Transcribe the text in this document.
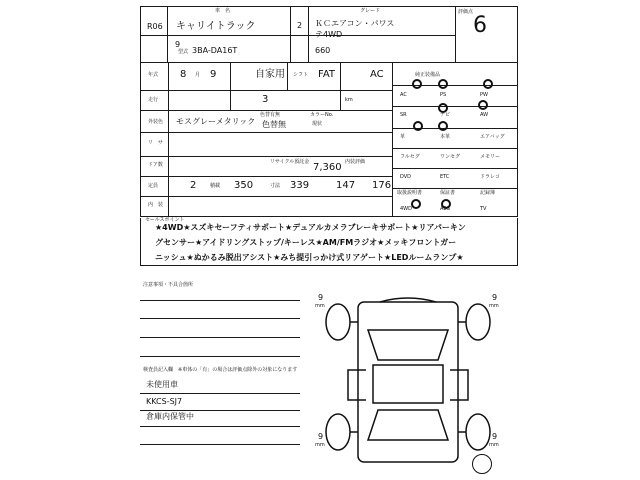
R06
9
車　名
キャリイトラック	2
グレード
ＫＣエアコン・パワス
テ4WD
型式 3BA-DA16T	660
評価点
6
年式 8 月 9	自家用 シフト FAT	AC
走行	3	km
外装色 モスグレーメタリック
色替有無
色替無
カラーNo.
現状
リ　サ
ドア数	リサイクル預託金 7,360 内装評価
定員	2	積載 350	寸法 339	147 176
内　装
純正装備品
AC	PS	PW
SR	ナビ	AW
革	本革	エアバッグ
フルセグ	ワンセグ	メモリー
DVD	ETC	ドラレコ
取扱説明書	保証書	記録簿
4WD	ABS	TV
セールスポイント
★4WD★スズキセーフティサポート★デュアルカメラブレーキサポート★リアパーキン
グセンサー★アイドリングストップ/キーレス★AM/FMラジオ★メッキフロントガー
ニッシュ★ぬかるみ脱出アシスト★みち提引っかけ式リアゲート★LEDルームランプ★
注意事項・不具合箇所
検査員記入欄　※車体の「有」の場合は評価点除外の対象になります
未使用車
KKCS-SJ7
倉庫内保管中
9
mm
9
mm
9
mm
9
mm
